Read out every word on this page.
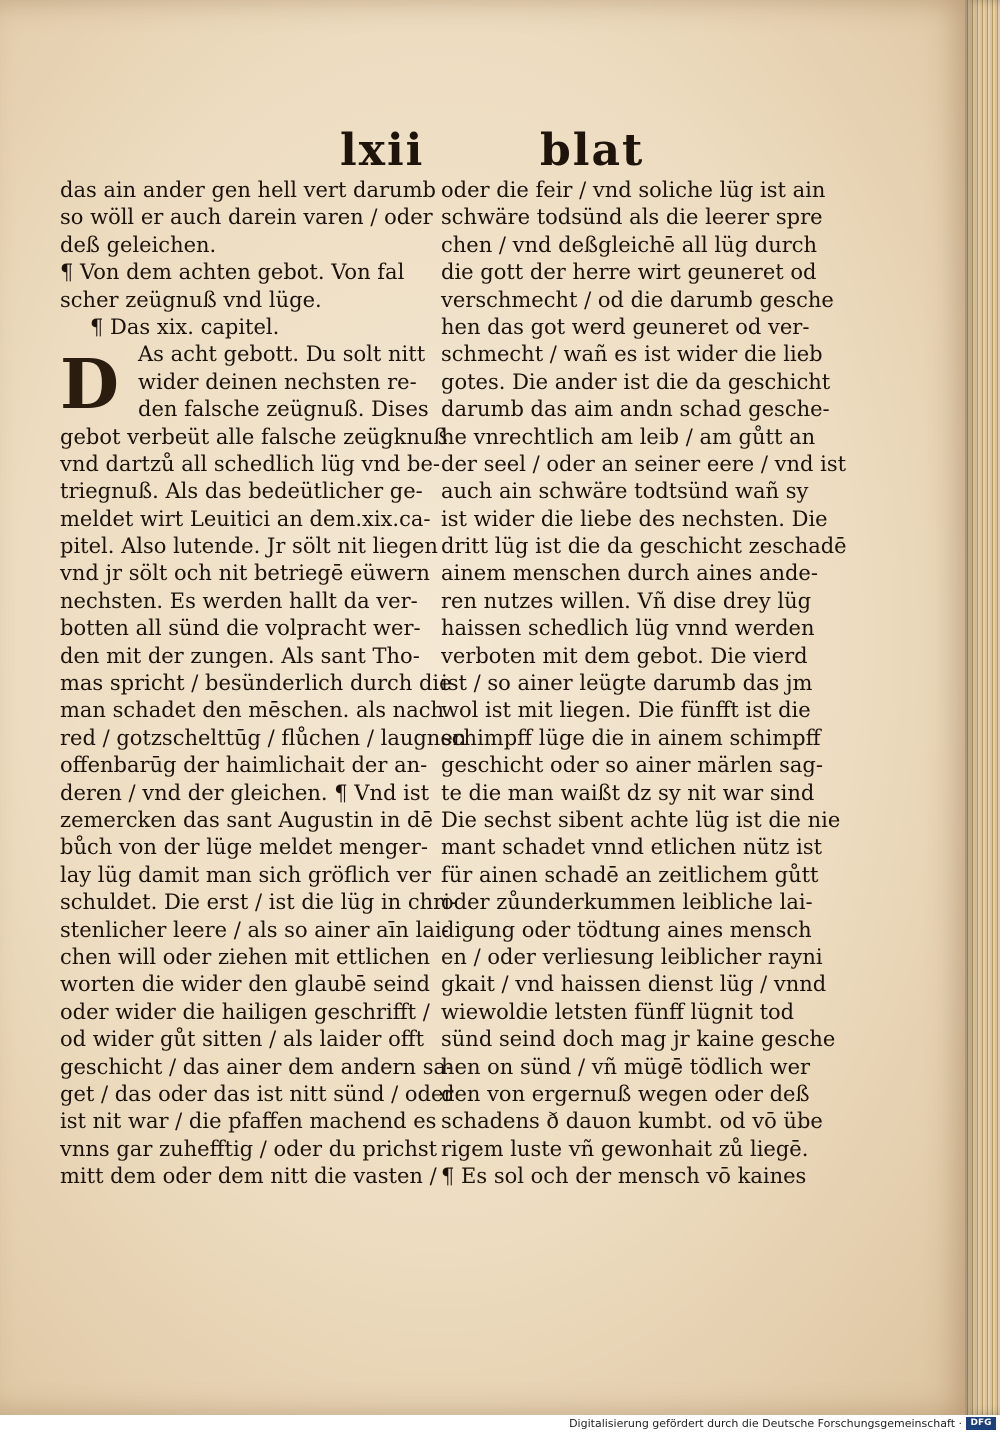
lxii	blat
D
das ain ander gen hell vert darumb
so wöll er auch darein varen / oder
deß geleichen.
¶ Von dem achten gebot. Von fal
scher zeügnuß vnd lüge.
¶ Das xix. capitel.
As acht gebott. Du solt nitt
wider deinen nechsten re-
den falsche zeügnuß. Dises
gebot verbeüt alle falsche zeügknuß
vnd dartzů all schedlich lüg vnd be-
triegnuß. Als das bedeütlicher ge-
meldet wirt Leuitici an dem.xix.ca-
pitel. Also lutende. Jr sölt nit liegen
vnd jr sölt och nit betriegē eüwern
nechsten. Es werden hallt da ver-
botten all sünd die volpracht wer-
den mit der zungen. Als sant Tho-
mas spricht / besünderlich durch die
man schadet den mēschen. als nach
red / gotzschelttūg / flůchen / laugnen
offenbarūg der haimlichait der an-
deren / vnd der gleichen. ¶ Vnd ist
zemercken das sant Augustin in dē
bůch von der lüge meldet menger-
lay lüg damit man sich gröflich ver
schuldet. Die erst / ist die lüg in chri-
stenlicher leere / als so ainer aīn lai-
chen will oder ziehen mit ettlichen
worten die wider den glaubē seind
oder wider die hailigen geschrifft /
od wider gůt sitten / als laider offt
geschicht / das ainer dem andern sa-
get / das oder das ist nitt sünd / oder
ist nit war / die pfaffen machend es
vnns gar zuhefftig / oder du prichst
mitt dem oder dem nitt die vasten /
oder die feir / vnd soliche lüg ist ain
schwäre todsünd als die leerer spre
chen / vnd deßgleichē all lüg durch
die gott der herre wirt geuneret od
verschmecht / od die darumb gesche
hen das got werd geuneret od ver-
schmecht / wañ es ist wider die lieb
gotes. Die ander ist die da geschicht
darumb das aim andn schad gesche-
he vnrechtlich am leib / am gůtt an
der seel / oder an seiner eere / vnd ist
auch ain schwäre todtsünd wañ sy
ist wider die liebe des nechsten. Die
dritt lüg ist die da geschicht zeschadē
ainem menschen durch aines ande-
ren nutzes willen. Vñ dise drey lüg
haissen schedlich lüg vnnd werden
verboten mit dem gebot. Die vierd
ist / so ainer leügte darumb das jm
wol ist mit liegen. Die fünfft ist die
schimpff lüge die in ainem schimpff
geschicht oder so ainer märlen sag-
te die man waißt dz sy nit war sind
Die sechst sibent achte lüg ist die nie
mant schadet vnnd etlichen nütz ist
für ainen schadē an zeitlichem gůtt
oder zůunderkummen leibliche lai-
digung oder tödtung aines mensch
en / oder verliesung leiblicher rayni
gkait / vnd haissen dienst lüg / vnnd
wiewoldie letsten fünff lügnit tod
sünd seind doch mag jr kaine gesche
hen on sünd / vñ mügē tödlich wer
den von ergernuß wegen oder deß
schadens ð dauon kumbt. od vō übe
rigem luste vñ gewonhait zů liegē.
¶ Es sol och der mensch vō kaines
Digitalisierung gefördert durch die Deutsche Forschungsgemeinschaft · DFG
